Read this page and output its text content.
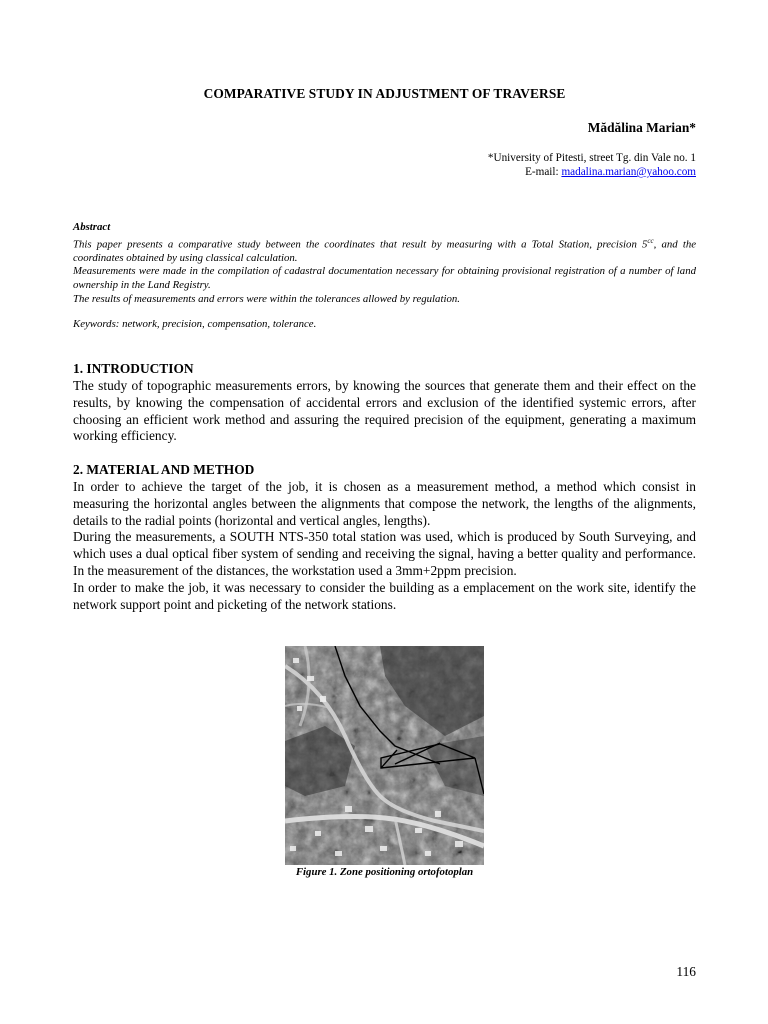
COMPARATIVE STUDY IN ADJUSTMENT OF TRAVERSE
Mădălina Marian*
*University of Pitesti, street Tg. din Vale no. 1
E-mail: madalina.marian@yahoo.com

Abstract

This paper presents a comparative study between the coordinates that result by measuring with a Total Station, precision $5^{cc}$, and the coordinates obtained by using classical calculation.

Measurements were made in the compilation of cadastral documentation necessary for obtaining provisional registration of a number of land ownership in the Land Registry.

The results of measurements and errors were within the tolerances allowed by regulation.

Keywords: network, precision, compensation, tolerance.
1. INTRODUCTION

The study of topographic measurements errors, by knowing the sources that generate them and their effect on the results, by knowing the compensation of accidental errors and exclusion of the identified systemic errors, after choosing an efficient work method and assuring the required precision of the equipment, generating a maximum working efficiency.

2. MATERIAL AND METHOD

In order to achieve the target of the job, it is chosen as a measurement method, a method which consist in measuring the horizontal angles between the alignments that compose the network, the lengths of the alignments, details to the radial points (horizontal and vertical angles, lengths).

During the measurements, a SOUTH NTS-350 total station was used, which is produced by South Surveying, and which uses a dual optical fiber system of sending and receiving the signal, having a better quality and performance. In the measurement of the distances, the workstation used a 3mm+2ppm precision.

In order to make the job, it was necessary to consider the building as a emplacement on the work site, identify the network support point and picketing of the network stations.

Figure 1. Zone positioning ortofotoplan
116
